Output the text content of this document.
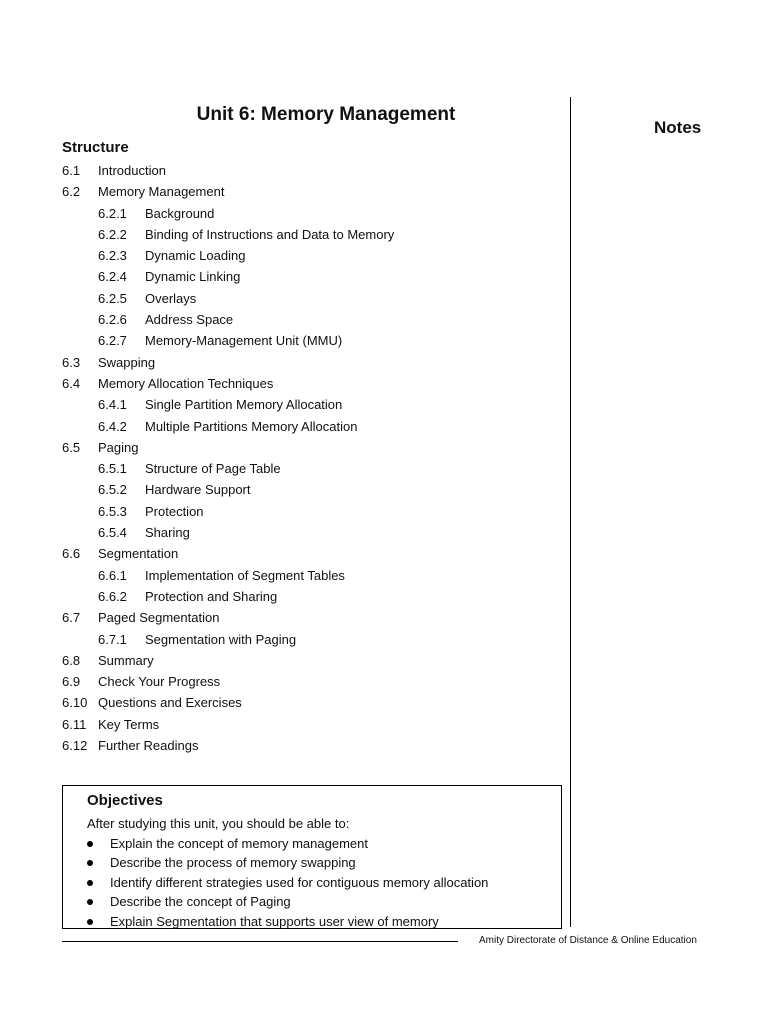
Unit 6: Memory Management
Structure
6.1 Introduction
6.2 Memory Management
6.2.1 Background
6.2.2 Binding of Instructions and Data to Memory
6.2.3 Dynamic Loading
6.2.4 Dynamic Linking
6.2.5 Overlays
6.2.6 Address Space
6.2.7 Memory-Management Unit (MMU)
6.3 Swapping
6.4 Memory Allocation Techniques
6.4.1 Single Partition Memory Allocation
6.4.2 Multiple Partitions Memory Allocation
6.5 Paging
6.5.1 Structure of Page Table
6.5.2 Hardware Support
6.5.3 Protection
6.5.4 Sharing
6.6 Segmentation
6.6.1 Implementation of Segment Tables
6.6.2 Protection and Sharing
6.7 Paged Segmentation
6.7.1 Segmentation with Paging
6.8 Summary
6.9 Check Your Progress
6.10 Questions and Exercises
6.11 Key Terms
6.12 Further Readings
Notes
Objectives
After studying this unit, you should be able to:
Explain the concept of memory management
Describe the process of memory swapping
Identify different strategies used for contiguous memory allocation
Describe the concept of Paging
Explain Segmentation that supports user view of memory
Amity Directorate of Distance & Online Education
